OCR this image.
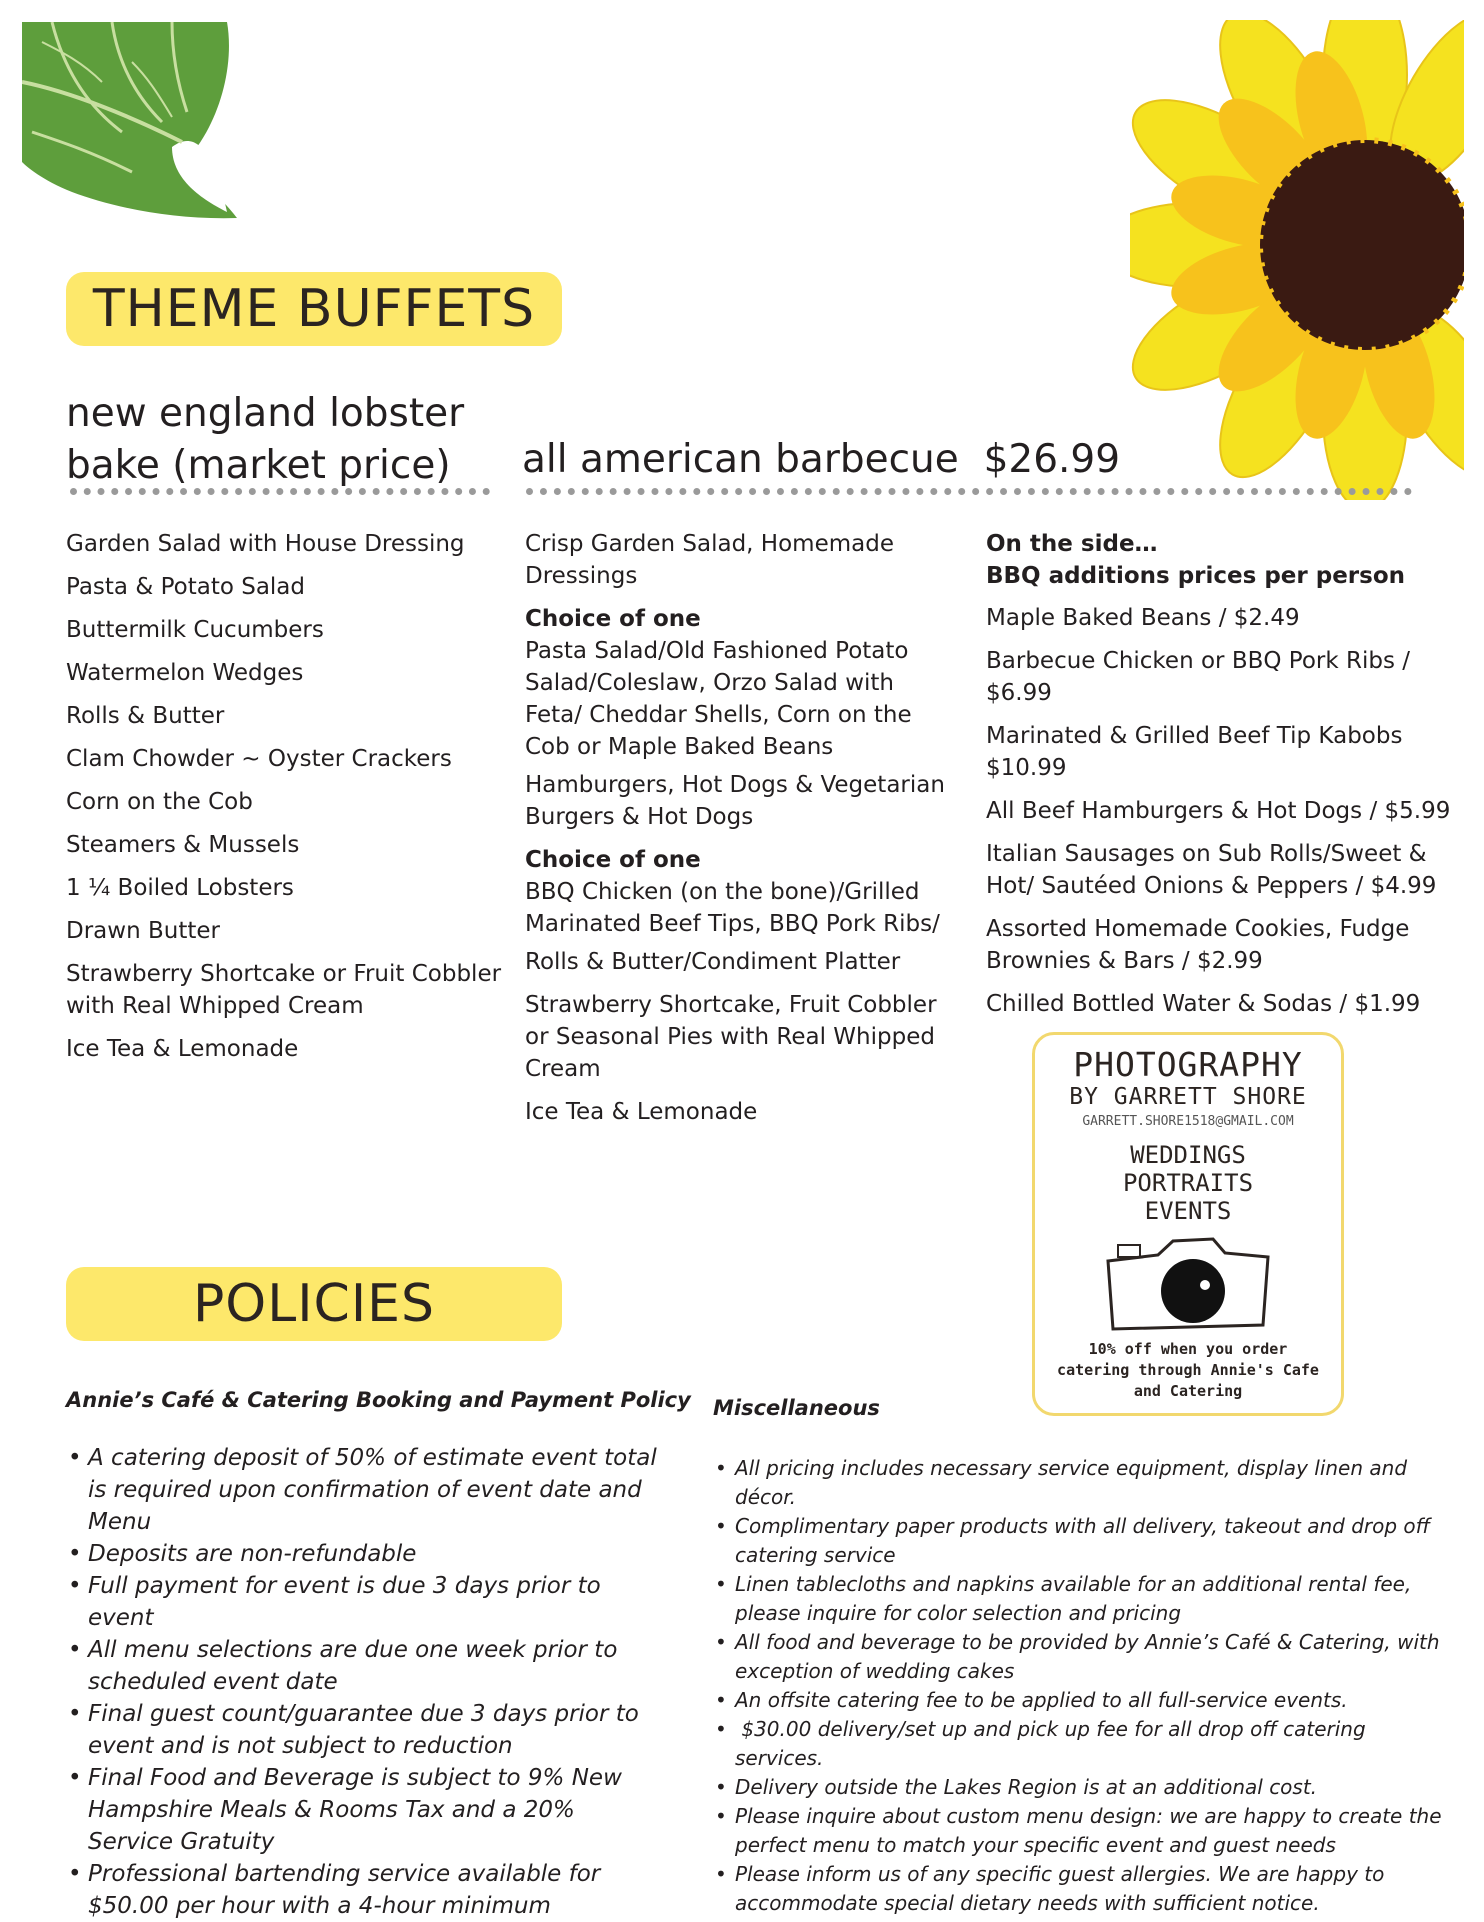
THEME BUFFETS
new england lobster
bake (market price)	all american barbecue  $26.99
Garden Salad with House Dressing
Pasta & Potato Salad
Buttermilk Cucumbers
Watermelon Wedges
Rolls & Butter
Clam Chowder ~ Oyster Crackers
Corn on the Cob
Steamers & Mussels
1 ¼ Boiled Lobsters
Drawn Butter
Strawberry Shortcake or Fruit Cobbler with Real Whipped Cream
Ice Tea & Lemonade
Crisp Garden Salad, Homemade Dressings
Choice of one
Pasta Salad/Old Fashioned Potato Salad/Coleslaw, Orzo Salad with Feta/ Cheddar Shells, Corn on the Cob or Maple Baked Beans
Hamburgers, Hot Dogs & Vegetarian Burgers & Hot Dogs
Choice of one
BBQ Chicken (on the bone)/Grilled Marinated Beef Tips, BBQ Pork Ribs/
Rolls & Butter/Condiment Platter
Strawberry Shortcake, Fruit Cobbler or Seasonal Pies with Real Whipped Cream
Ice Tea & Lemonade
On the side…
BBQ additions prices per person
Maple Baked Beans / $2.49
Barbecue Chicken or BBQ Pork Ribs / $6.99
Marinated & Grilled Beef Tip Kabobs $10.99
All Beef Hamburgers & Hot Dogs / $5.99
Italian Sausages on Sub Rolls/Sweet & Hot/ Sautéed Onions & Peppers / $4.99
Assorted Homemade Cookies, Fudge Brownies & Bars / $2.99
Chilled Bottled Water & Sodas / $1.99
PHOTOGRAPHY
BY GARRETT SHORE
GARRETT.SHORE1518@GMAIL.COM
WEDDINGS
PORTRAITS
EVENTS
10% off when you order catering through Annie's Cafe and Catering
POLICIES
Annie’s Café & Catering Booking and Payment Policy
• A catering deposit of 50% of estimate event total is required upon confirmation of event date and Menu
• Deposits are non-refundable
• Full payment for event is due 3 days prior to event
• All menu selections are due one week prior to scheduled event date
• Final guest count/guarantee due 3 days prior to event and is not subject to reduction
• Final Food and Beverage is subject to 9% New Hampshire Meals & Rooms Tax and a 20% Service Gratuity
• Professional bartending service available for $50.00 per hour with a 4-hour minimum
Miscellaneous
• All pricing includes necessary service equipment, display linen and décor.
• Complimentary paper products with all delivery, takeout and drop off catering service
• Linen tablecloths and napkins available for an additional rental fee, please inquire for color selection and pricing
• All food and beverage to be provided by Annie’s Café & Catering, with exception of wedding cakes
• An offsite catering fee to be applied to all full-service events.
•  $30.00 delivery/set up and pick up fee for all drop off catering services.
• Delivery outside the Lakes Region is at an additional cost.
• Please inquire about custom menu design: we are happy to create the perfect menu to match your specific event and guest needs
• Please inform us of any specific guest allergies. We are happy to accommodate special dietary needs with sufficient notice.
